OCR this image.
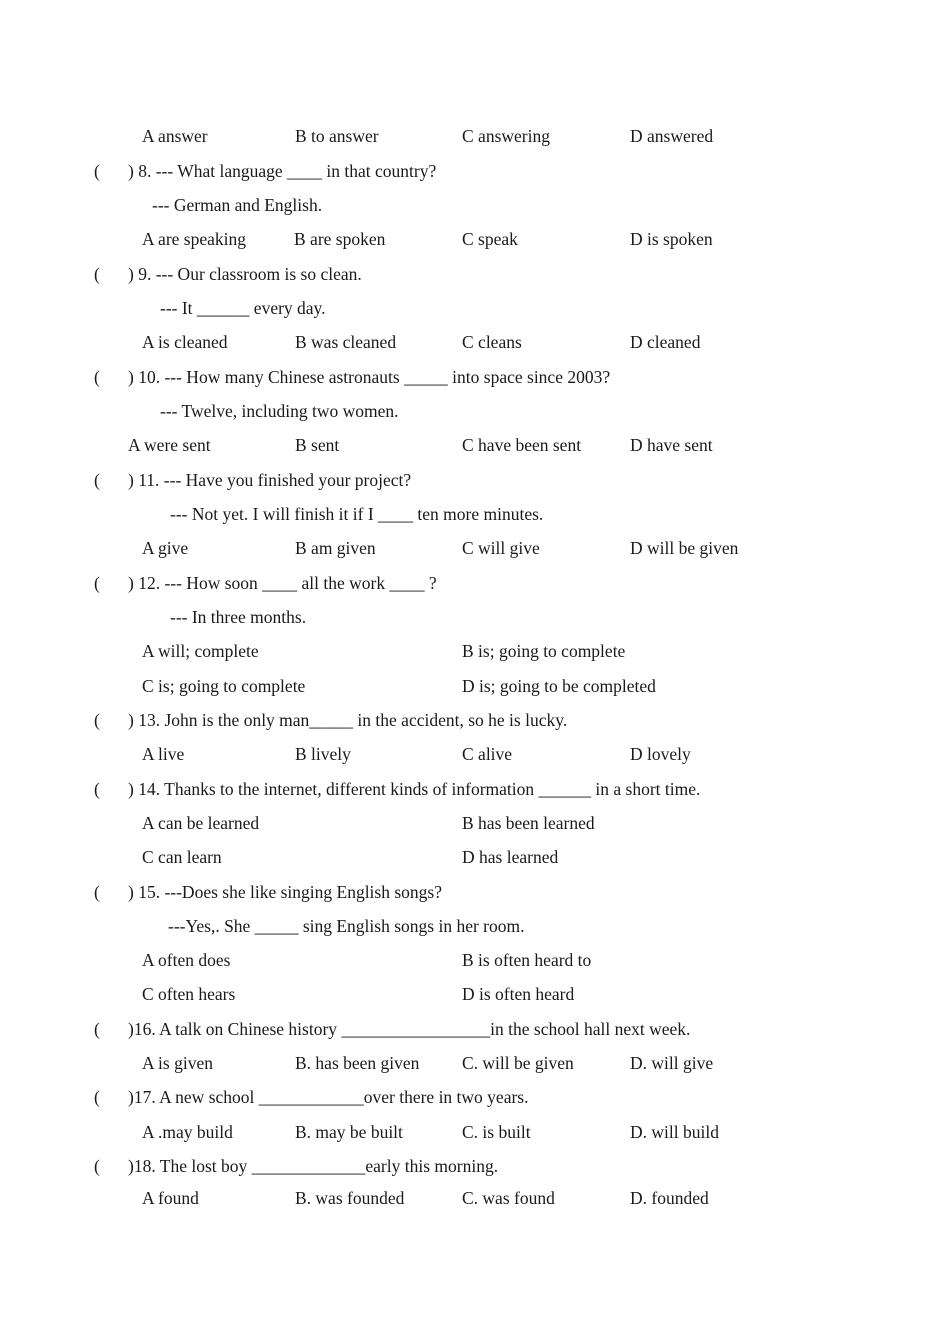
A answer	B to answer	C answering	D answered
( ) 8. --- What language ____ in that country?
--- German and English.
A are speaking	B are spoken	C speak	D is spoken
( ) 9. --- Our classroom is so clean.
--- It ______ every day.
A is cleaned	B was cleaned	C cleans	D cleaned
( ) 10. --- How many Chinese astronauts _____ into space since 2003?
--- Twelve, including two women.
A were sent	B sent	C have been sent	D have sent
( ) 11. --- Have you finished your project?
--- Not yet. I will finish it if I ____ ten more minutes.
A give	B am given	C will give	D will be given
( ) 12. --- How soon ____ all the work ____ ?
--- In three months.
A will; complete	B is; going to complete
C is; going to complete	D is; going to be completed
( ) 13. John is the only man_____ in the accident, so he is lucky.
A live	B lively	C alive	D lovely
( ) 14. Thanks to the internet, different kinds of information ______ in a short time.
A can be learned	B has been learned
C can learn	D has learned
( ) 15. ---Does she like singing English songs?
---Yes,. She _____ sing English songs in her room.
A often does	B is often heard to
C often hears	D is often heard
( )16. A talk on Chinese history _________________in the school hall next week.
A is given	B. has been given C. will be given	D. will give
( )17. A new school ____________over there in two years.
A .may build	B. may be built	C. is built	D. will build
( )18. The lost boy _____________early this morning.
A found	B. was founded	C. was found	D. founded
